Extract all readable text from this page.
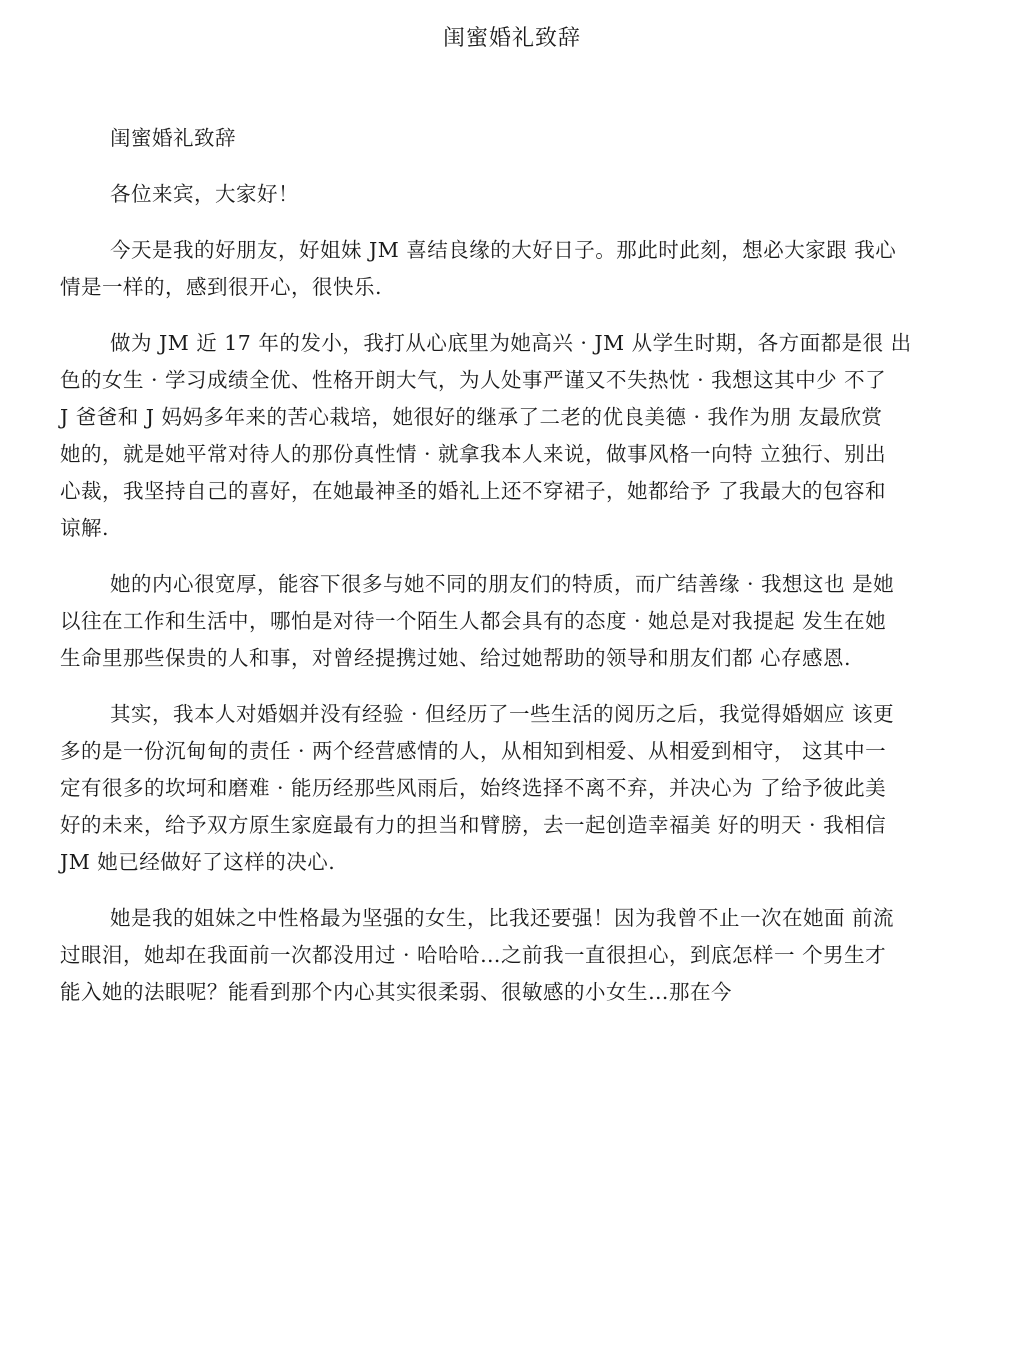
闺蜜婚礼致辞
闺蜜婚礼致辞
各位来宾，大家好！
今天是我的好朋友，好姐妹 JM 喜结良缘的大好日子。那此时此刻，想必大家跟 我心
情是一样的，感到很开心，很快乐.
做为 JM 近 17 年的发小，我打从心底里为她高兴 · JM 从学生时期，各方面都是很 出
色的女生 · 学习成绩全优、性格开朗大气，为人处事严谨又不失热忱 · 我想这其中少 不了
J 爸爸和 J 妈妈多年来的苦心栽培，她很好的继承了二老的优良美德 · 我作为朋 友最欣赏
她的，就是她平常对待人的那份真性情 · 就拿我本人来说，做事风格一向特 立独行、别出
心裁，我坚持自己的喜好，在她最神圣的婚礼上还不穿裙子，她都给予 了我最大的包容和
谅解.
她的内心很宽厚，能容下很多与她不同的朋友们的特质，而广结善缘 · 我想这也 是她
以往在工作和生活中，哪怕是对待一个陌生人都会具有的态度 · 她总是对我提起 发生在她
生命里那些保贵的人和事，对曾经提携过她、给过她帮助的领导和朋友们都 心存感恩.
其实，我本人对婚姻并没有经验 · 但经历了一些生活的阅历之后，我觉得婚姻应 该更
多的是一份沉甸甸的责任 · 两个经营感情的人，从相知到相爱、从相爱到相守， 这其中一
定有很多的坎坷和磨难 · 能历经那些风雨后，始终选择不离不弃，并决心为 了给予彼此美
好的未来，给予双方原生家庭最有力的担当和臂膀，去一起创造幸福美 好的明天 · 我相信
JM 她已经做好了这样的决心.
她是我的姐妹之中性格最为坚强的女生，比我还要强！因为我曾不止一次在她面 前流
过眼泪，她却在我面前一次都没用过 · 哈哈哈…之前我一直很担心，到底怎样一 个男生才
能入她的法眼呢？能看到那个内心其实很柔弱、很敏感的小女生…那在今
